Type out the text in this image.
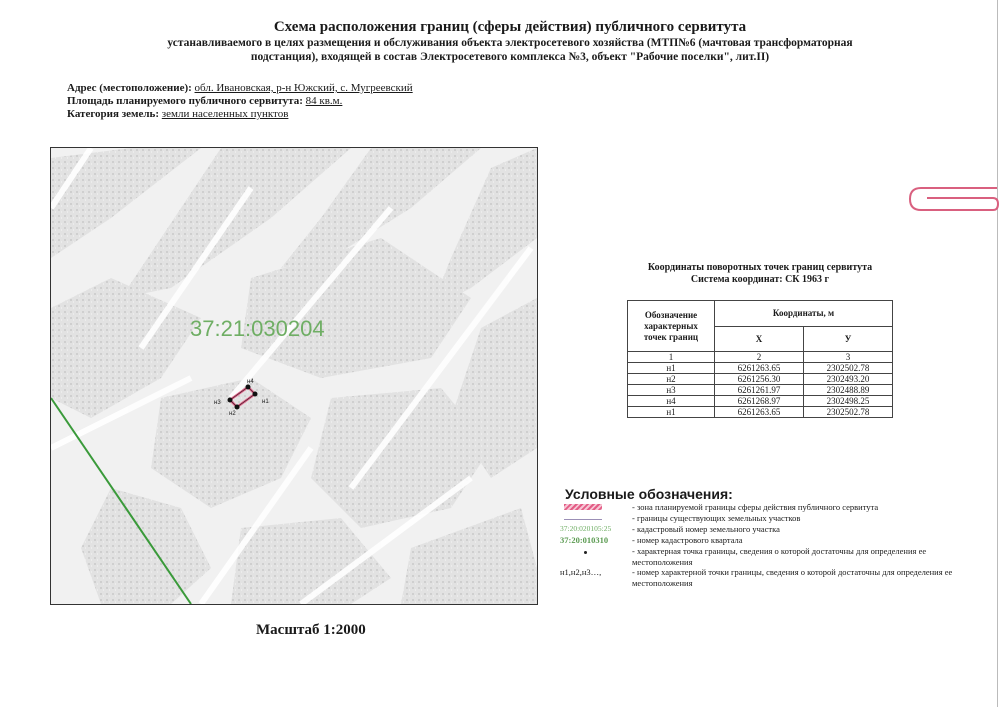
Схема расположения границ (сферы действия) публичного сервитута
устанавливаемого в целях размещения и обслуживания объекта электросетевого хозяйства (МТП№6 (мачтовая трансформаторная
подстанция), входящей в состав Электросетевого комплекса №3, объект "Рабочие поселки", лит.II)
Адрес (местоположение): обл. Ивановская, р-н Южский, с. Мугреевский
Площадь планируемого публичного сервитута: 84 кв.м.
Категория земель: земли населенных пунктов
37:21:030204
н1
н2
н3
н4
Масштаб 1:2000
Координаты поворотных точек границ сервитута
Система координат: СК 1963 г
Обозначение характерных точек границ	Координаты, м	
	X	У
1	2	3
н1	6261263.65	2302502.78
н2	6261256.30	2302493.20
н3	6261261.97	2302488.89
н4	6261268.97	2302498.25
н1	6261263.65	2302502.78
Условные обозначения:
- зона планируемой границы сферы действия публичного сервитута
- границы существующих земельных участков
37:20:020105:25	- кадастровый номер земельного участка
37:20:010310	- номер кадастрового квартала
- характерная точка границы, сведения о которой достаточны для определения ее местоположения
н1,н2,н3…,	- номер характерной точки границы, сведения о которой достаточны для определения ее местоположения
